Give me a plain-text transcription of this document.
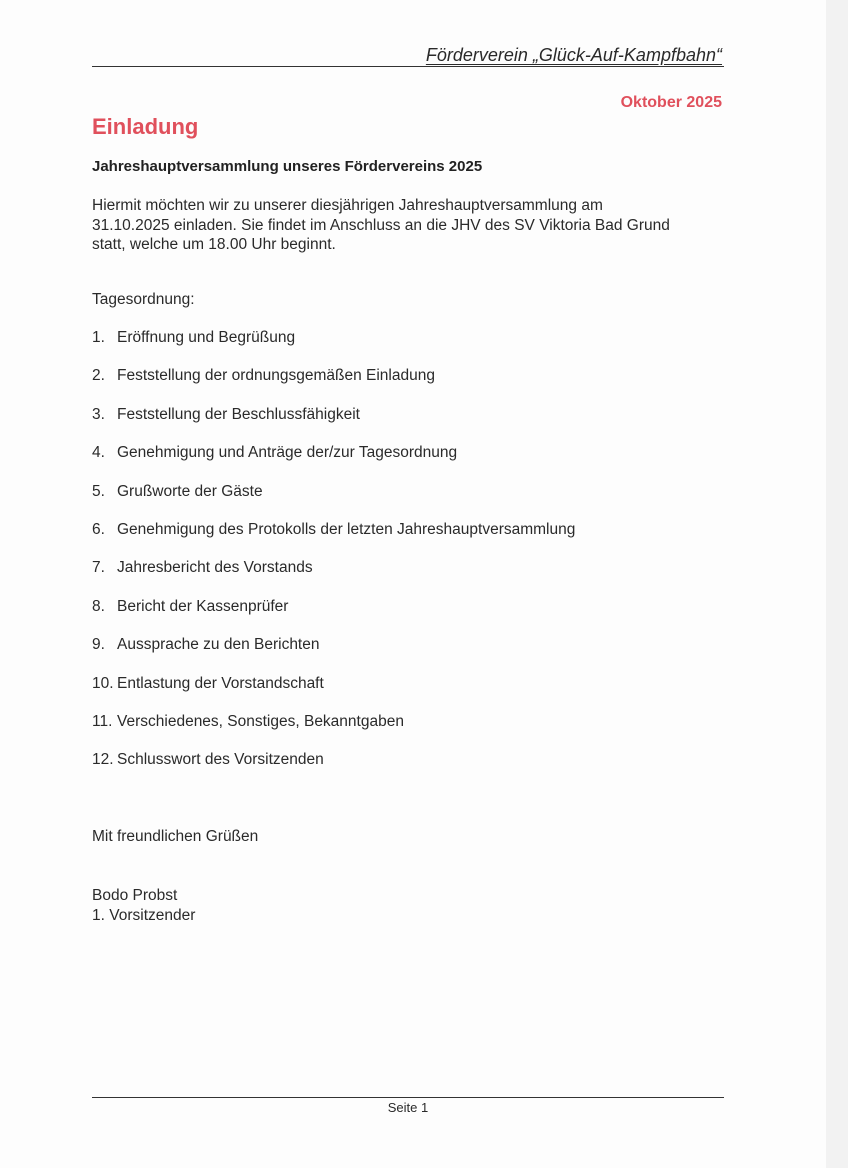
Förderverein „Glück-Auf-Kampfbahn“
Oktober 2025
Einladung
Jahreshauptversammlung unseres Fördervereins 2025
Hiermit möchten wir zu unserer diesjährigen Jahreshauptversammlung am
31.10.2025 einladen. Sie findet im Anschluss an die JHV des SV Viktoria Bad Grund
statt, welche um 18.00 Uhr beginnt.
Tagesordnung:
1. Eröffnung und Begrüßung
2. Feststellung der ordnungsgemäßen Einladung
3. Feststellung der Beschlussfähigkeit
4. Genehmigung und Anträge der/zur Tagesordnung
5. Grußworte der Gäste
6. Genehmigung des Protokolls der letzten Jahreshauptversammlung
7. Jahresbericht des Vorstands
8. Bericht der Kassenprüfer
9. Aussprache zu den Berichten
10. Entlastung der Vorstandschaft
11. Verschiedenes, Sonstiges, Bekanntgaben
12. Schlusswort des Vorsitzenden
Mit freundlichen Grüßen
Bodo Probst
1. Vorsitzender
Seite 1
